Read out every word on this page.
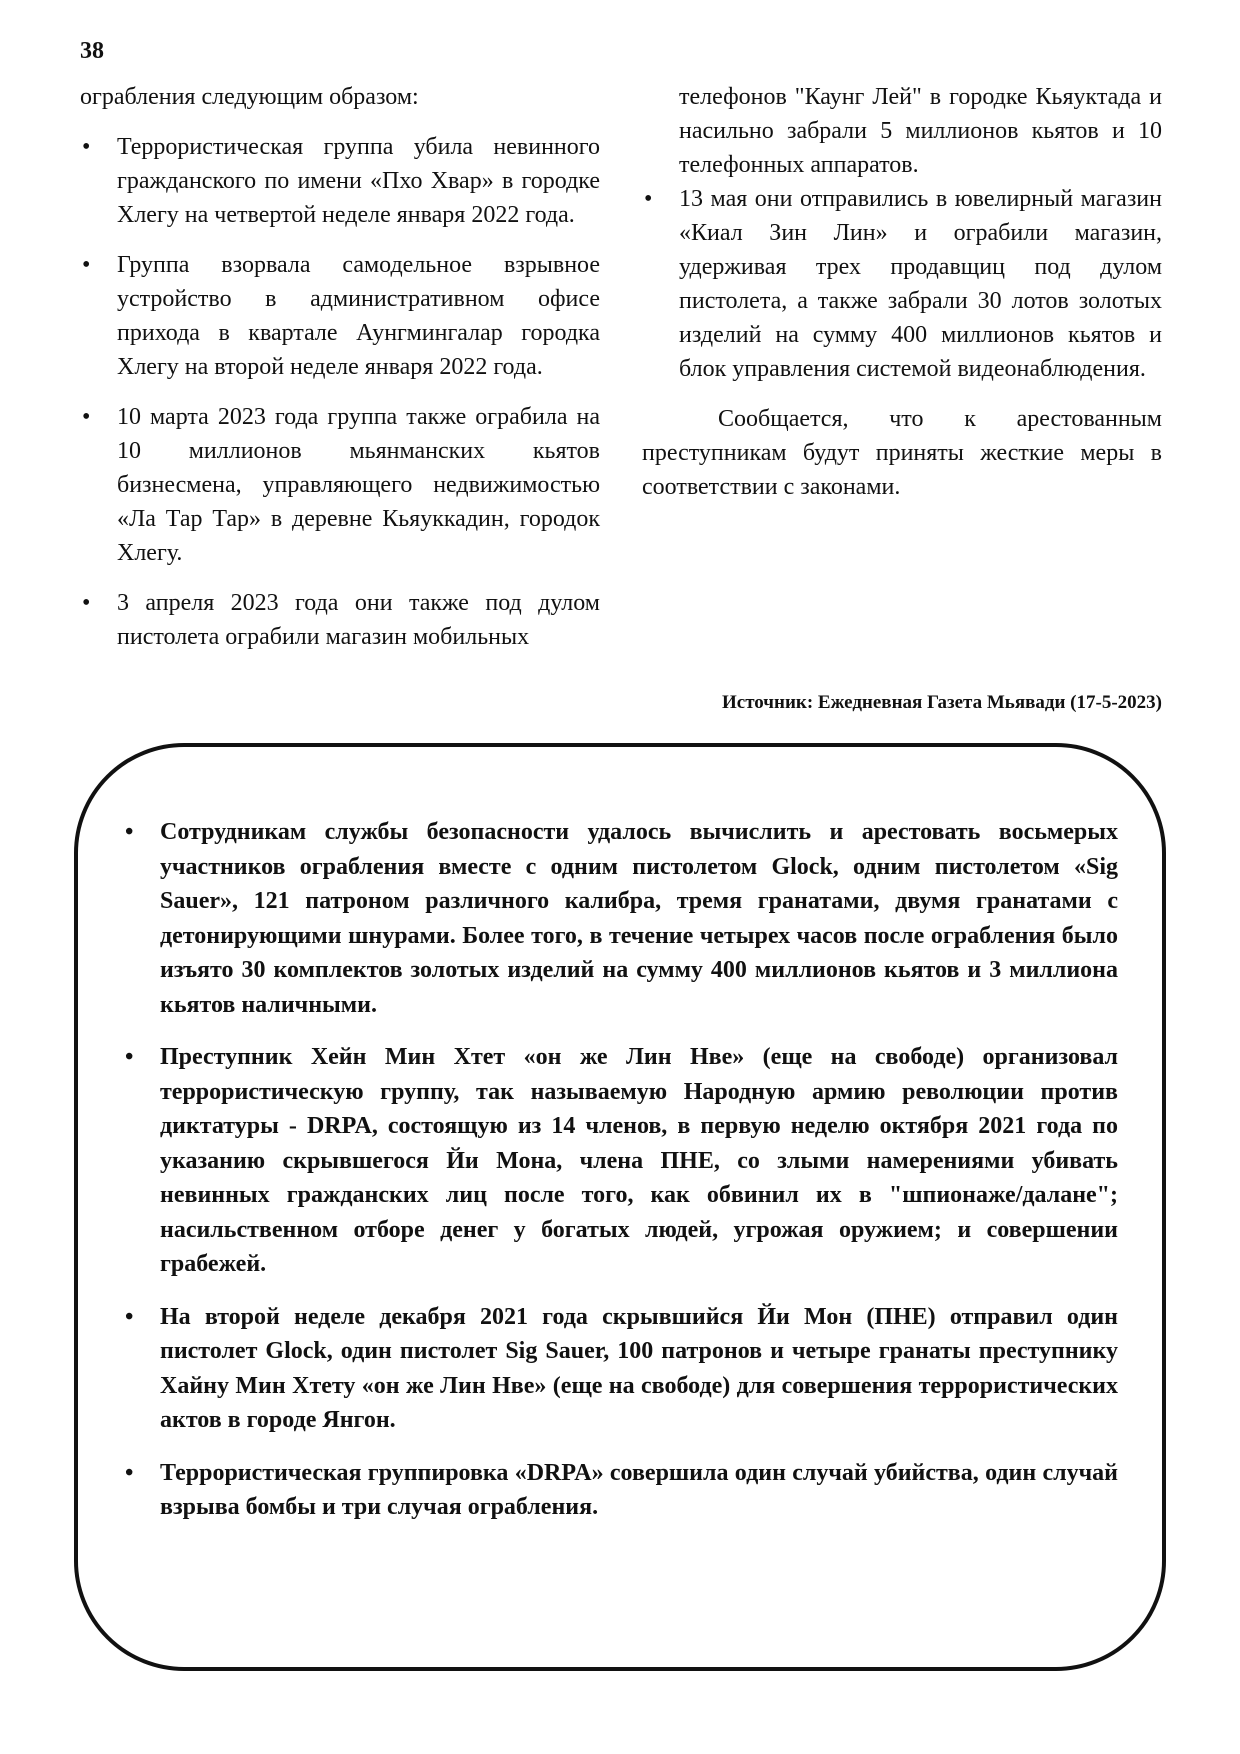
38

ограбления следующим образом:

• Террористическая группа убила невинного гражданского по имени «Пхо Хвар» в городке Хлегу на четвертой неделе января 2022 года.
• Группа взорвала самодельное взрывное устройство в административном офисе прихода в квартале Аунгмингалар городка Хлегу на второй неделе января 2022 года.
• 10 марта 2023 года группа также ограбила на 10 миллионов мьянманских кьятов бизнесмена, управляющего недвижимостью «Ла Тар Тар» в деревне Кьяуккадин, городок Хлегу.
• 3 апреля 2023 года они также под дулом пистолета ограбили магазин мобильных

телефонов "Каунг Лей" в городке Кьяуктада и насильно забрали 5 миллионов кьятов и 10 телефонных аппаратов.

• 13 мая они отправились в ювелирный магазин «Киал Зин Лин» и ограбили магазин, удерживая трех продавщиц под дулом пистолета, а также забрали 30 лотов золотых изделий на сумму 400 миллионов кьятов и блок управления системой видеонаблюдения.

Сообщается, что к арестованным преступникам будут приняты жесткие меры в соответствии с законами.

Источник: Ежедневная Газета Мьявади (17-5-2023)
• Сотрудникам службы безопасности удалось вычислить и арестовать восьмерых участников ограбления вместе с одним пистолетом Glock, одним пистолетом «Sig Sauer», 121 патроном различного калибра, тремя гранатами, двумя гранатами с детонирующими шнурами. Более того, в течение четырех часов после ограбления было изъято 30 комплектов золотых изделий на сумму 400 миллионов кьятов и 3 миллиона кьятов наличными.
• Преступник Хейн Мин Хтет «он же Лин Нве» (еще на свободе) организовал террористическую группу, так называемую Народную армию революции против диктатуры - DRPA, состоящую из 14 членов, в первую неделю октября 2021 года по указанию скрывшегося Йи Мона, члена ПНЕ, со злыми намерениями убивать невинных гражданских лиц после того, как обвинил их в "шпионаже/далане"; насильственном отборе денег у богатых людей, угрожая оружием; и совершении грабежей.
• На второй неделе декабря 2021 года скрывшийся Йи Мон (ПНЕ) отправил один пистолет Glock, один пистолет Sig Sauer, 100 патронов и четыре гранаты преступнику Хайну Мин Хтету «он же Лин Нве» (еще на свободе) для совершения террористических актов в городе Янгон.
• Террористическая группировка «DRPA» совершила один случай убийства, один случай взрыва бомбы и три случая ограбления.
